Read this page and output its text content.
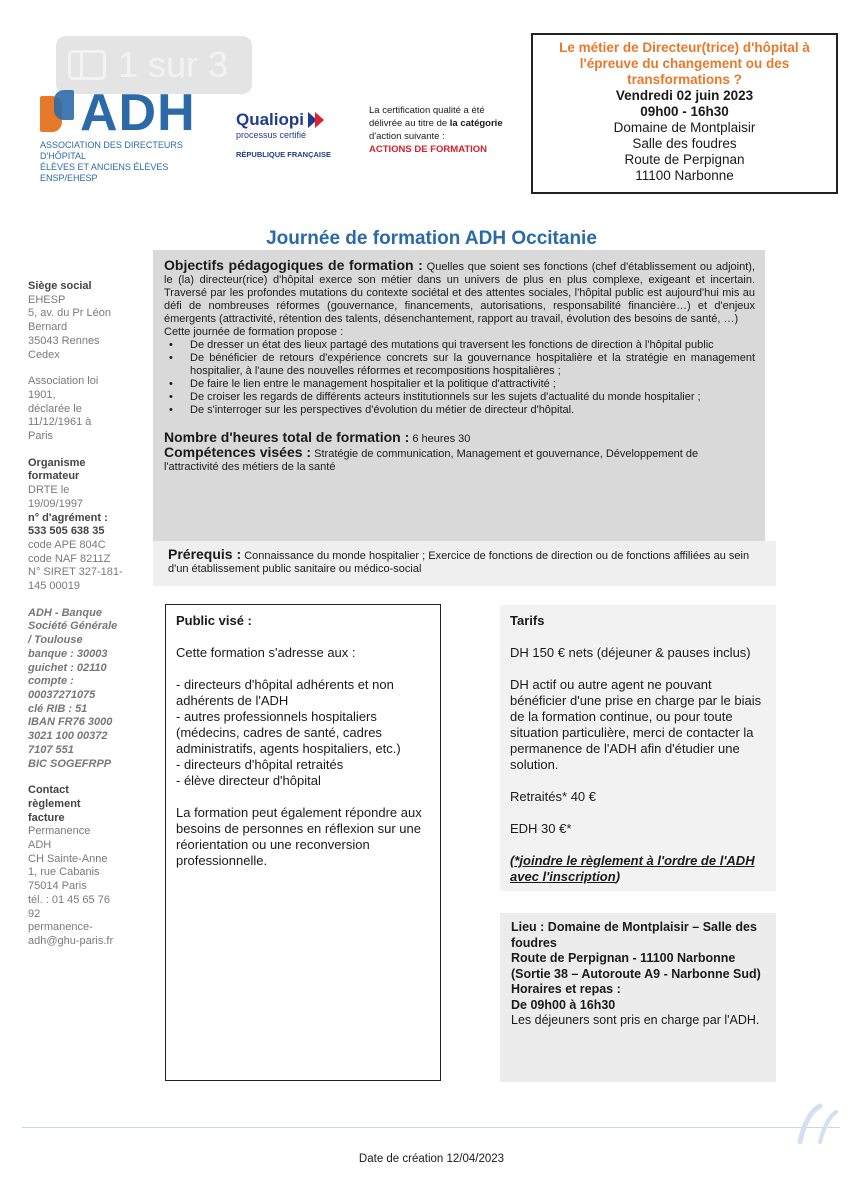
1 sur 3
ADH
ASSOCIATION DES DIRECTEURS D'HÔPITAL
ÉLÈVES ET ANCIENS ÉLÈVES ENSP/EHESP
Qualiopi
processus certifié
RÉPUBLIQUE FRANÇAISE
La certification qualité a été
délivrée au titre de la catégorie
d'action suivante :
ACTIONS DE FORMATION
Le métier de Directeur(trice) d'hôpital à
l'épreuve du changement ou des
transformations ?
Vendredi 02 juin 2023
09h00 - 16h30
Domaine de Montplaisir
Salle des foudres
Route de Perpignan
11100 Narbonne
Journée de formation ADH Occitanie
Siège social
EHESP
5, av. du Pr Léon
Bernard
35043 Rennes
Cedex
Association loi
1901,
déclarée le
11/12/1961 à
Paris
Organisme
formateur
DRTE le
19/09/1997
n° d'agrément :
533 505 638 35
code APE 804C
code NAF 8211Z
N° SIRET 327-181-
145 00019
ADH - Banque
Société Générale
/ Toulouse
banque : 30003
guichet : 02110
compte :
00037271075
clé RIB : 51
IBAN FR76 3000
3021 100 00372
7107 551
BIC SOGEFRPP
Contact
règlement
facture
Permanence
ADH
CH Sainte-Anne
1, rue Cabanis
75014 Paris
tél. : 01 45 65 76
92
permanence-
adh@ghu-paris.fr

Objectifs pédagogiques de formation : Quelles que soient ses fonctions (chef d'établissement ou adjoint), le (la) directeur(rice) d'hôpital exerce son métier dans un univers de plus en plus complexe, exigeant et incertain. Traversé par les profondes mutations du contexte sociétal et des attentes sociales, l'hôpital public est aujourd'hui mis au défi de nombreuses réformes (gouvernance, financements, autorisations, responsabilité financière…) et d'enjeux émergents (attractivité, rétention des talents, désenchantement, rapport au travail, évolution des besoins de santé, …)

Cette journée de formation propose :

• De dresser un état des lieux partagé des mutations qui traversent les fonctions de direction à l'hôpital public
• De bénéficier de retours d'expérience concrets sur la gouvernance hospitalière et la stratégie en management hospitalier, à l'aune des nouvelles réformes et recompositions hospitalières ;
• De faire le lien entre le management hospitalier et la politique d'attractivité ;
• De croiser les regards de différents acteurs institutionnels sur les sujets d'actualité du monde hospitalier ;
• De s'interroger sur les perspectives d'évolution du métier de directeur d'hôpital.

Nombre d'heures total de formation : 6 heures 30

Compétences visées : Stratégie de communication, Management et gouvernance, Développement de l'attractivité des métiers de la santé

Prérequis : Connaissance du monde hospitalier ; Exercice de fonctions de direction ou de fonctions affiliées au sein d'un établissement public sanitaire ou médico-social

Public visé :

Cette formation s'adresse aux :

- directeurs d'hôpital adhérents et non adhérents de l'ADH

- autres professionnels hospitaliers (médecins, cadres de santé, cadres administratifs, agents hospitaliers, etc.)

- directeurs d'hôpital retraités

- élève directeur d'hôpital

La formation peut également répondre aux besoins de personnes en réflexion sur une réorientation ou une reconversion professionnelle.

Tarifs

DH 150 € nets (déjeuner & pauses inclus)

DH actif ou autre agent ne pouvant bénéficier d'une prise en charge par le biais de la formation continue, ou pour toute situation particulière, merci de contacter la permanence de l'ADH afin d'étudier une solution.

Retraités* 40 €

EDH 30 €*

(*joindre le règlement à l'ordre de l'ADH avec l'inscription)

Lieu : Domaine de Montplaisir – Salle des foudres

Route de Perpignan - 11100 Narbonne

(Sortie 38 – Autoroute A9 - Narbonne Sud)

Horaires et repas :

De 09h00 à 16h30

Les déjeuners sont pris en charge par l'ADH.

Date de création 12/04/2023
